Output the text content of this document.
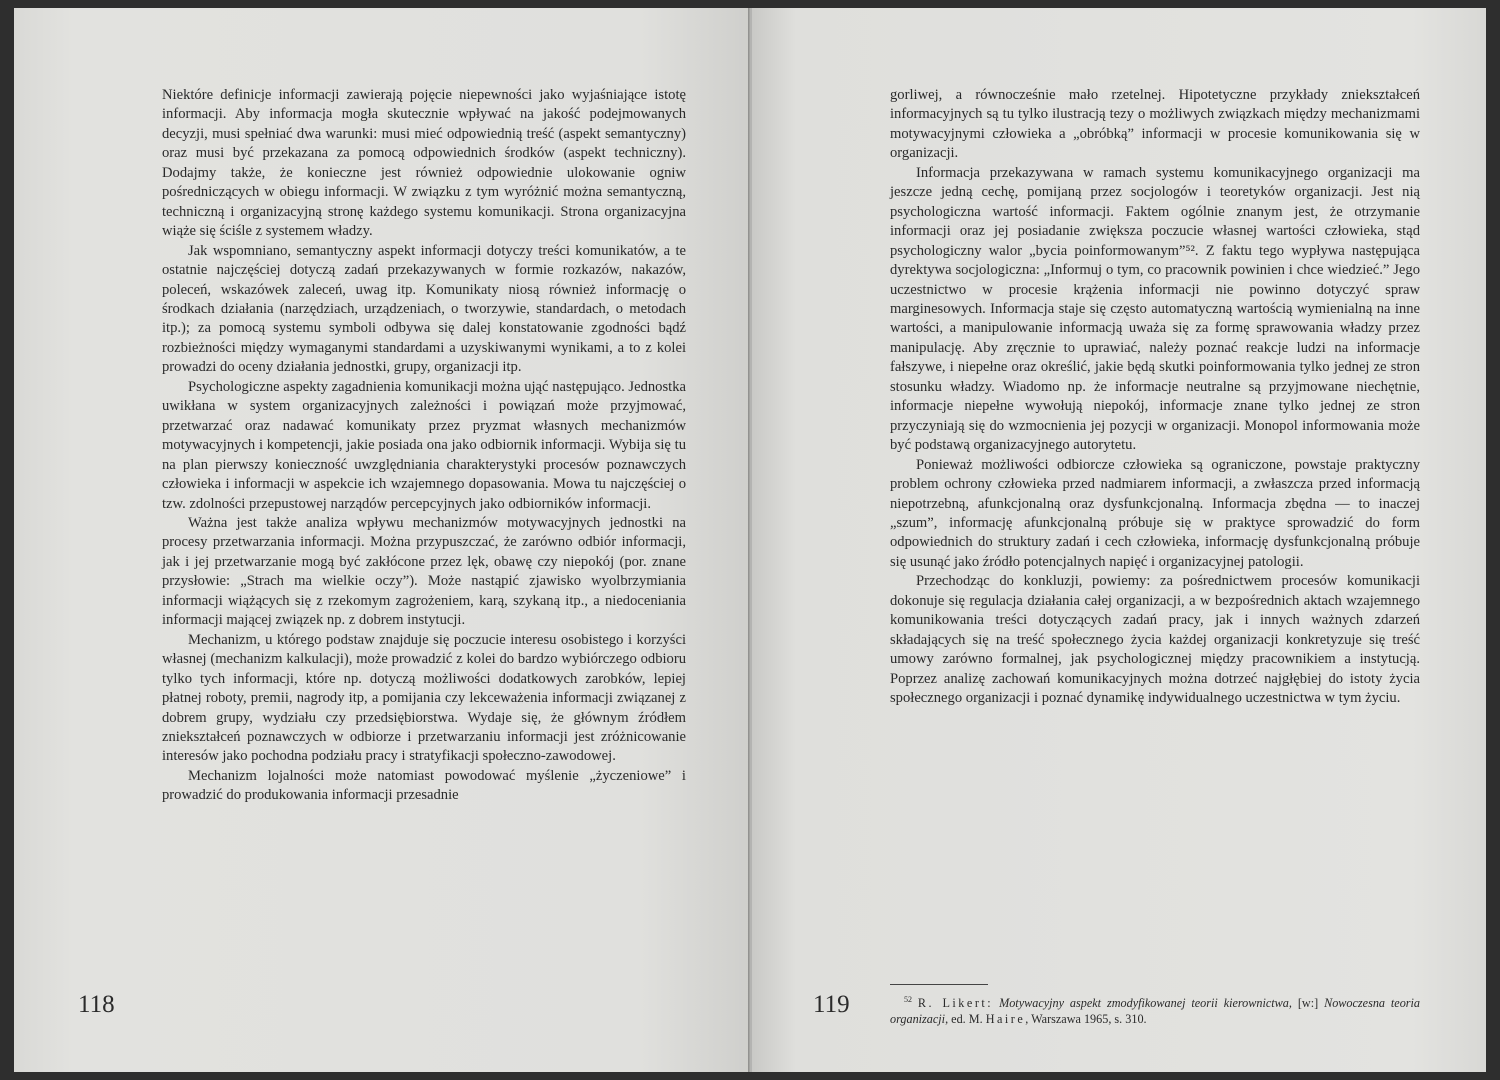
Niektóre definicje informacji zawierają pojęcie niepewności jako wyjaśniające istotę informacji. Aby informacja mogła skutecznie wpływać na jakość podejmowanych decyzji, musi spełniać dwa warunki: musi mieć odpowiednią treść (aspekt semantyczny) oraz musi być przekazana za pomocą odpowiednich środków (aspekt techniczny). Dodajmy także, że konieczne jest również odpowiednie ulokowanie ogniw pośredniczących w obiegu informacji. W związku z tym wyróżnić można semantyczną, techniczną i organizacyjną stronę każdego systemu komunikacji. Strona organizacyjna wiąże się ściśle z systemem władzy.

Jak wspomniano, semantyczny aspekt informacji dotyczy treści komunikatów, a te ostatnie najczęściej dotyczą zadań przekazywanych w formie rozkazów, nakazów, poleceń, wskazówek zaleceń, uwag itp. Komunikaty niosą również informację o środkach działania (narzędziach, urządzeniach, o tworzywie, standardach, o metodach itp.); za pomocą systemu symboli odbywa się dalej konstatowanie zgodności bądź rozbieżności między wymaganymi standardami a uzyskiwanymi wynikami, a to z kolei prowadzi do oceny działania jednostki, grupy, organizacji itp.

Psychologiczne aspekty zagadnienia komunikacji można ująć następująco. Jednostka uwikłana w system organizacyjnych zależności i powiązań może przyjmować, przetwarzać oraz nadawać komunikaty przez pryzmat własnych mechanizmów motywacyjnych i kompetencji, jakie posiada ona jako odbiornik informacji. Wybija się tu na plan pierwszy konieczność uwzględniania charakterystyki procesów poznawczych człowieka i informacji w aspekcie ich wzajemnego dopasowania. Mowa tu najczęściej o tzw. zdolności przepustowej narządów percepcyjnych jako odbiorników informacji.

Ważna jest także analiza wpływu mechanizmów motywacyjnych jednostki na procesy przetwarzania informacji. Można przypuszczać, że zarówno odbiór informacji, jak i jej przetwarzanie mogą być zakłócone przez lęk, obawę czy niepokój (por. znane przysłowie: „Strach ma wielkie oczy”). Może nastąpić zjawisko wyolbrzymiania informacji wiążących się z rzekomym zagrożeniem, karą, szykaną itp., a niedoceniania informacji mającej związek np. z dobrem instytucji.

Mechanizm, u którego podstaw znajduje się poczucie interesu osobistego i korzyści własnej (mechanizm kalkulacji), może prowadzić z kolei do bardzo wybiórczego odbioru tylko tych informacji, które np. dotyczą możliwości dodatkowych zarobków, lepiej płatnej roboty, premii, nagrody itp, a pomijania czy lekceważenia informacji związanej z dobrem grupy, wydziału czy przedsiębiorstwa. Wydaje się, że głównym źródłem zniekształceń poznawczych w odbiorze i przetwarzaniu informacji jest zróżnicowanie interesów jako pochodna podziału pracy i stratyfikacji społeczno-zawodowej.

Mechanizm lojalności może natomiast powodować myślenie „życzeniowe” i prowadzić do produkowania informacji przesadnie

118

gorliwej, a równocześnie mało rzetelnej. Hipotetyczne przykłady zniekształceń informacyjnych są tu tylko ilustracją tezy o możliwych związkach między mechanizmami motywacyjnymi człowieka a „obróbką” informacji w procesie komunikowania się w organizacji.

Informacja przekazywana w ramach systemu komunikacyjnego organizacji ma jeszcze jedną cechę, pomijaną przez socjologów i teoretyków organizacji. Jest nią psychologiczna wartość informacji. Faktem ogólnie znanym jest, że otrzymanie informacji oraz jej posiadanie zwiększa poczucie własnej wartości człowieka, stąd psychologiczny walor „bycia poinformowanym”⁵². Z faktu tego wypływa następująca dyrektywa socjologiczna: „Informuj o tym, co pracownik powinien i chce wiedzieć.” Jego uczestnictwo w procesie krążenia informacji nie powinno dotyczyć spraw marginesowych. Informacja staje się często automatyczną wartością wymienialną na inne wartości, a manipulowanie informacją uważa się za formę sprawowania władzy przez manipulację. Aby zręcznie to uprawiać, należy poznać reakcje ludzi na informacje fałszywe, i niepełne oraz określić, jakie będą skutki poinformowania tylko jednej ze stron stosunku władzy. Wiadomo np. że informacje neutralne są przyjmowane niechętnie, informacje niepełne wywołują niepokój, informacje znane tylko jednej ze stron przyczyniają się do wzmocnienia jej pozycji w organizacji. Monopol informowania może być podstawą organizacyjnego autorytetu.

Ponieważ możliwości odbiorcze człowieka są ograniczone, powstaje praktyczny problem ochrony człowieka przed nadmiarem informacji, a zwłaszcza przed informacją niepotrzebną, afunkcjonalną oraz dysfunkcjonalną. Informacja zbędna — to inaczej „szum”, informację afunkcjonalną próbuje się w praktyce sprowadzić do form odpowiednich do struktury zadań i cech człowieka, informację dysfunkcjonalną próbuje się usunąć jako źródło potencjalnych napięć i organizacyjnej patologii.

Przechodząc do konkluzji, powiemy: za pośrednictwem procesów komunikacji dokonuje się regulacja działania całej organizacji, a w bezpośrednich aktach wzajemnego komunikowania treści dotyczących zadań pracy, jak i innych ważnych zdarzeń składających się na treść społecznego życia każdej organizacji konkretyzuje się treść umowy zarówno formalnej, jak psychologicznej między pracownikiem a instytucją. Poprzez analizę zachowań komunikacyjnych można dotrzeć najgłębiej do istoty życia społecznego organizacji i poznać dynamikę indywidualnego uczestnictwa w tym życiu.

119	$^{52}$ R. Likert: Motywacyjny aspekt zmodyfikowanej teorii kierownictwa, [w:] Nowoczesna teoria organizacji, ed. M. Haire, Warszawa 1965, s. 310.
